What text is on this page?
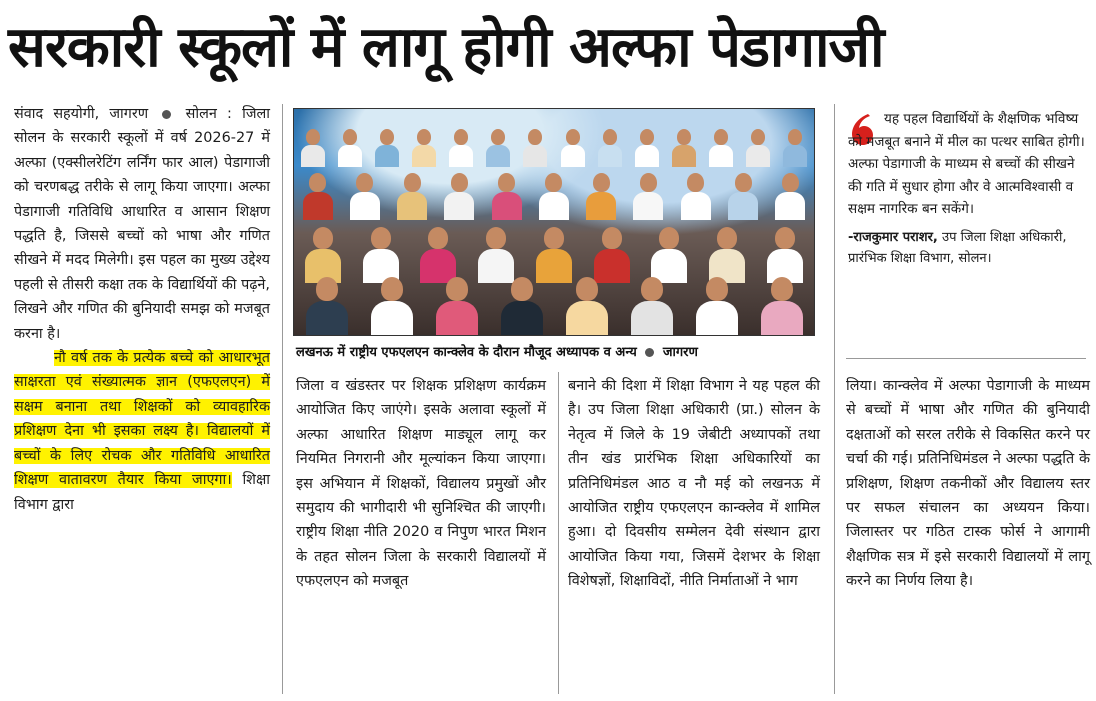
सरकारी स्कूलों में लागू होगी अल्फा पेडागाजी

संवाद सहयोगी, जागरण	सोलन : जिला सोलन के सरकारी स्कूलों में वर्ष 2026-27 में अल्फा (एक्सीलरेटिंग लर्निंग फार आल) पेडागाजी को चरणबद्ध तरीके से लागू किया जाएगा। अल्फा पेडागाजी गतिविधि आधारित व आसान शिक्षण पद्धति है, जिससे बच्चों को भाषा और गणित सीखने में मदद मिलेगी। इस पहल का मुख्य उद्देश्य पहली से तीसरी कक्षा तक के विद्यार्थियों की पढ़ने, लिखने और गणित की बुनियादी समझ को मजबूत करना है।

नौ वर्ष तक के प्रत्येक बच्चे को आधारभूत साक्षरता एवं संख्यात्मक ज्ञान (एफएलएन) में सक्षम बनाना तथा शिक्षकों को व्यावहारिक प्रशिक्षण देना भी इसका लक्ष्य है। विद्यालयों में बच्चों के लिए रोचक और गतिविधि आधारित शिक्षण वातावरण तैयार किया जाएगा। शिक्षा विभाग द्वारा

लखनऊ में राष्ट्रीय एफएलएन कान्क्लेव के दौरान मौजूद अध्यापक व अन्य जागरण
यह पहल विद्यार्थियों के शैक्षणिक भविष्य को मजबूत बनाने में मील का पत्थर साबित होगी। अल्फा पेडागाजी के माध्यम से बच्चों की सीखने की गति में सुधार होगा और वे आत्मविश्वासी व सक्षम नागरिक बन सकेंगे।
-राजकुमार पराशर, उप जिला शिक्षा अधिकारी, प्रारंभिक शिक्षा विभाग, सोलन।

जिला व खंडस्तर पर शिक्षक प्रशिक्षण कार्यक्रम आयोजित किए जाएंगे। इसके अलावा स्कूलों में अल्फा आधारित शिक्षण माड्यूल लागू कर नियमित निगरानी और मूल्यांकन किया जाएगा। इस अभियान में शिक्षकों, विद्यालय प्रमुखों और समुदाय की भागीदारी भी सुनिश्चित की जाएगी। राष्ट्रीय शिक्षा नीति 2020 व निपुण भारत मिशन के तहत सोलन जिला के सरकारी विद्यालयों में एफएलएन को मजबूत

बनाने की दिशा में शिक्षा विभाग ने यह पहल की है। उप जिला शिक्षा अधिकारी (प्रा.) सोलन के नेतृत्व में जिले के 19 जेबीटी अध्यापकों तथा तीन खंड प्रारंभिक शिक्षा अधिकारियों का प्रतिनिधिमंडल आठ व नौ मई को लखनऊ में आयोजित राष्ट्रीय एफएलएन कान्क्लेव में शामिल हुआ। दो दिवसीय सम्मेलन देवी संस्थान द्वारा आयोजित किया गया, जिसमें देशभर के शिक्षा विशेषज्ञों, शिक्षाविदों, नीति निर्माताओं ने भाग

लिया। कान्क्लेव में अल्फा पेडागाजी के माध्यम से बच्चों में भाषा और गणित की बुनियादी दक्षताओं को सरल तरीके से विकसित करने पर चर्चा की गई। प्रतिनिधिमंडल ने अल्फा पद्धति के प्रशिक्षण, शिक्षण तकनीकों और विद्यालय स्तर पर सफल संचालन का अध्ययन किया। जिलास्तर पर गठित टास्क फोर्स ने आगामी शैक्षणिक सत्र में इसे सरकारी विद्यालयों में लागू करने का निर्णय लिया है।
